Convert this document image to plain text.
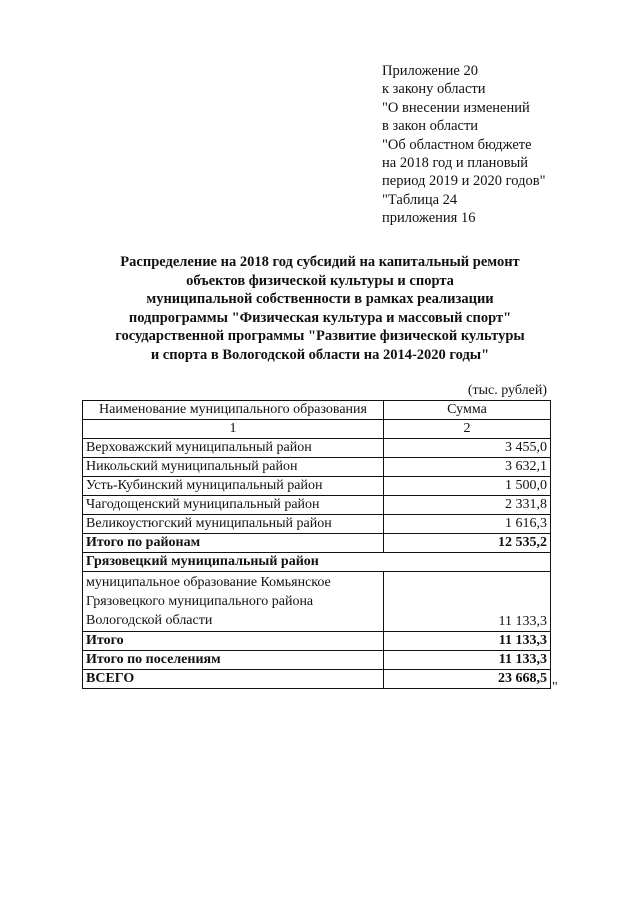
Приложение 20
к закону области
"О внесении изменений
в закон области
"Об областном бюджете
на 2018 год и плановый
период 2019 и 2020 годов"
"Таблица 24
приложения 16
Распределение на 2018 год субсидий на капитальный ремонт
объектов физической культуры и спорта
муниципальной собственности в рамках реализации
подпрограммы "Физическая культура и массовый спорт"
государственной программы "Развитие физической культуры
и спорта в Вологодской области на 2014-2020 годы"
(тыс. рублей)
Наименование муниципального образования	Сумма
1	2
Верховажский муниципальный район	3 455,0
Никольский муниципальный район	3 632,1
Усть-Кубинский муниципальный район	1 500,0
Чагодощенский муниципальный район	2 331,8
Великоустюгский муниципальный район	1 616,3
Итого по районам	12 535,2
Грязовецкий муниципальный район	

муниципальное образование Комьянское
Грязовецкого муниципального района
Вологодской области	11 133,3
Итого	11 133,3
Итого по поселениям	11 133,3
ВСЕГО	23 668,5
"
